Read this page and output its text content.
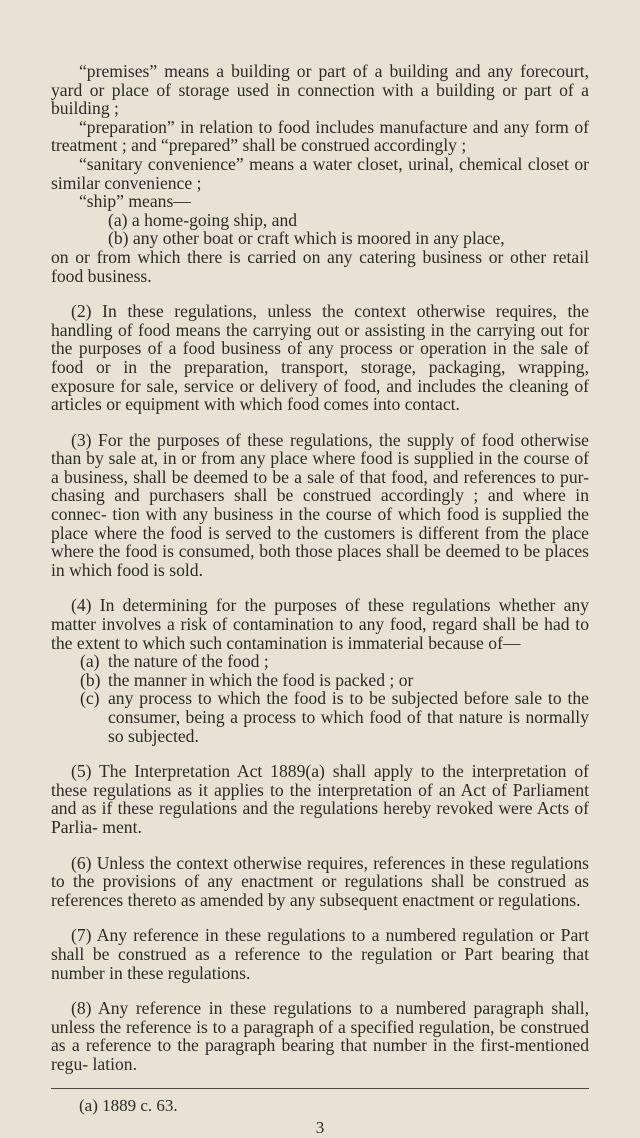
“premises” means a building or part of a building and any forecourt, yard or place of storage used in connection with a building or part of a building ;

“preparation” in relation to food includes manufacture and any form of treatment ; and “prepared” shall be construed accordingly ;

“sanitary convenience” means a water closet, urinal, chemical closet or similar convenience ;

“ship” means—

(a) a home-going ship, and

(b) any other boat or craft which is moored in any place,

on or from which there is carried on any catering business or other retail food business.

(2) In these regulations, unless the context otherwise requires, the handling of food means the carrying out or assisting in the carrying out for the purposes of a food business of any process or operation in the sale of food or in the preparation, transport, storage, packaging, wrapping, exposure for sale, service or delivery of food, and includes the cleaning of articles or equipment with which food comes into contact.

(3) For the purposes of these regulations, the supply of food otherwise than by sale at, in or from any place where food is supplied in the course of a business, shall be deemed to be a sale of that food, and references to pur- chasing and purchasers shall be construed accordingly ; and where in connec- tion with any business in the course of which food is supplied the place where the food is served to the customers is different from the place where the food is consumed, both those places shall be deemed to be places in which food is sold.

(4) In determining for the purposes of these regulations whether any matter involves a risk of contamination to any food, regard shall be had to the extent to which such contamination is immaterial because of—

(a) the nature of the food ;
(b) the manner in which the food is packed ; or
(c) any process to which the food is to be subjected before sale to the consumer, being a process to which food of that nature is normally so subjected.

(5) The Interpretation Act 1889(a) shall apply to the interpretation of these regulations as it applies to the interpretation of an Act of Parliament and as if these regulations and the regulations hereby revoked were Acts of Parlia- ment.

(6) Unless the context otherwise requires, references in these regulations to the provisions of any enactment or regulations shall be construed as references thereto as amended by any subsequent enactment or regulations.

(7) Any reference in these regulations to a numbered regulation or Part shall be construed as a reference to the regulation or Part bearing that number in these regulations.

(8) Any reference in these regulations to a numbered paragraph shall, unless the reference is to a paragraph of a specified regulation, be construed as a reference to the paragraph bearing that number in the first-mentioned regu- lation.

(a) 1889 c. 63.

3
